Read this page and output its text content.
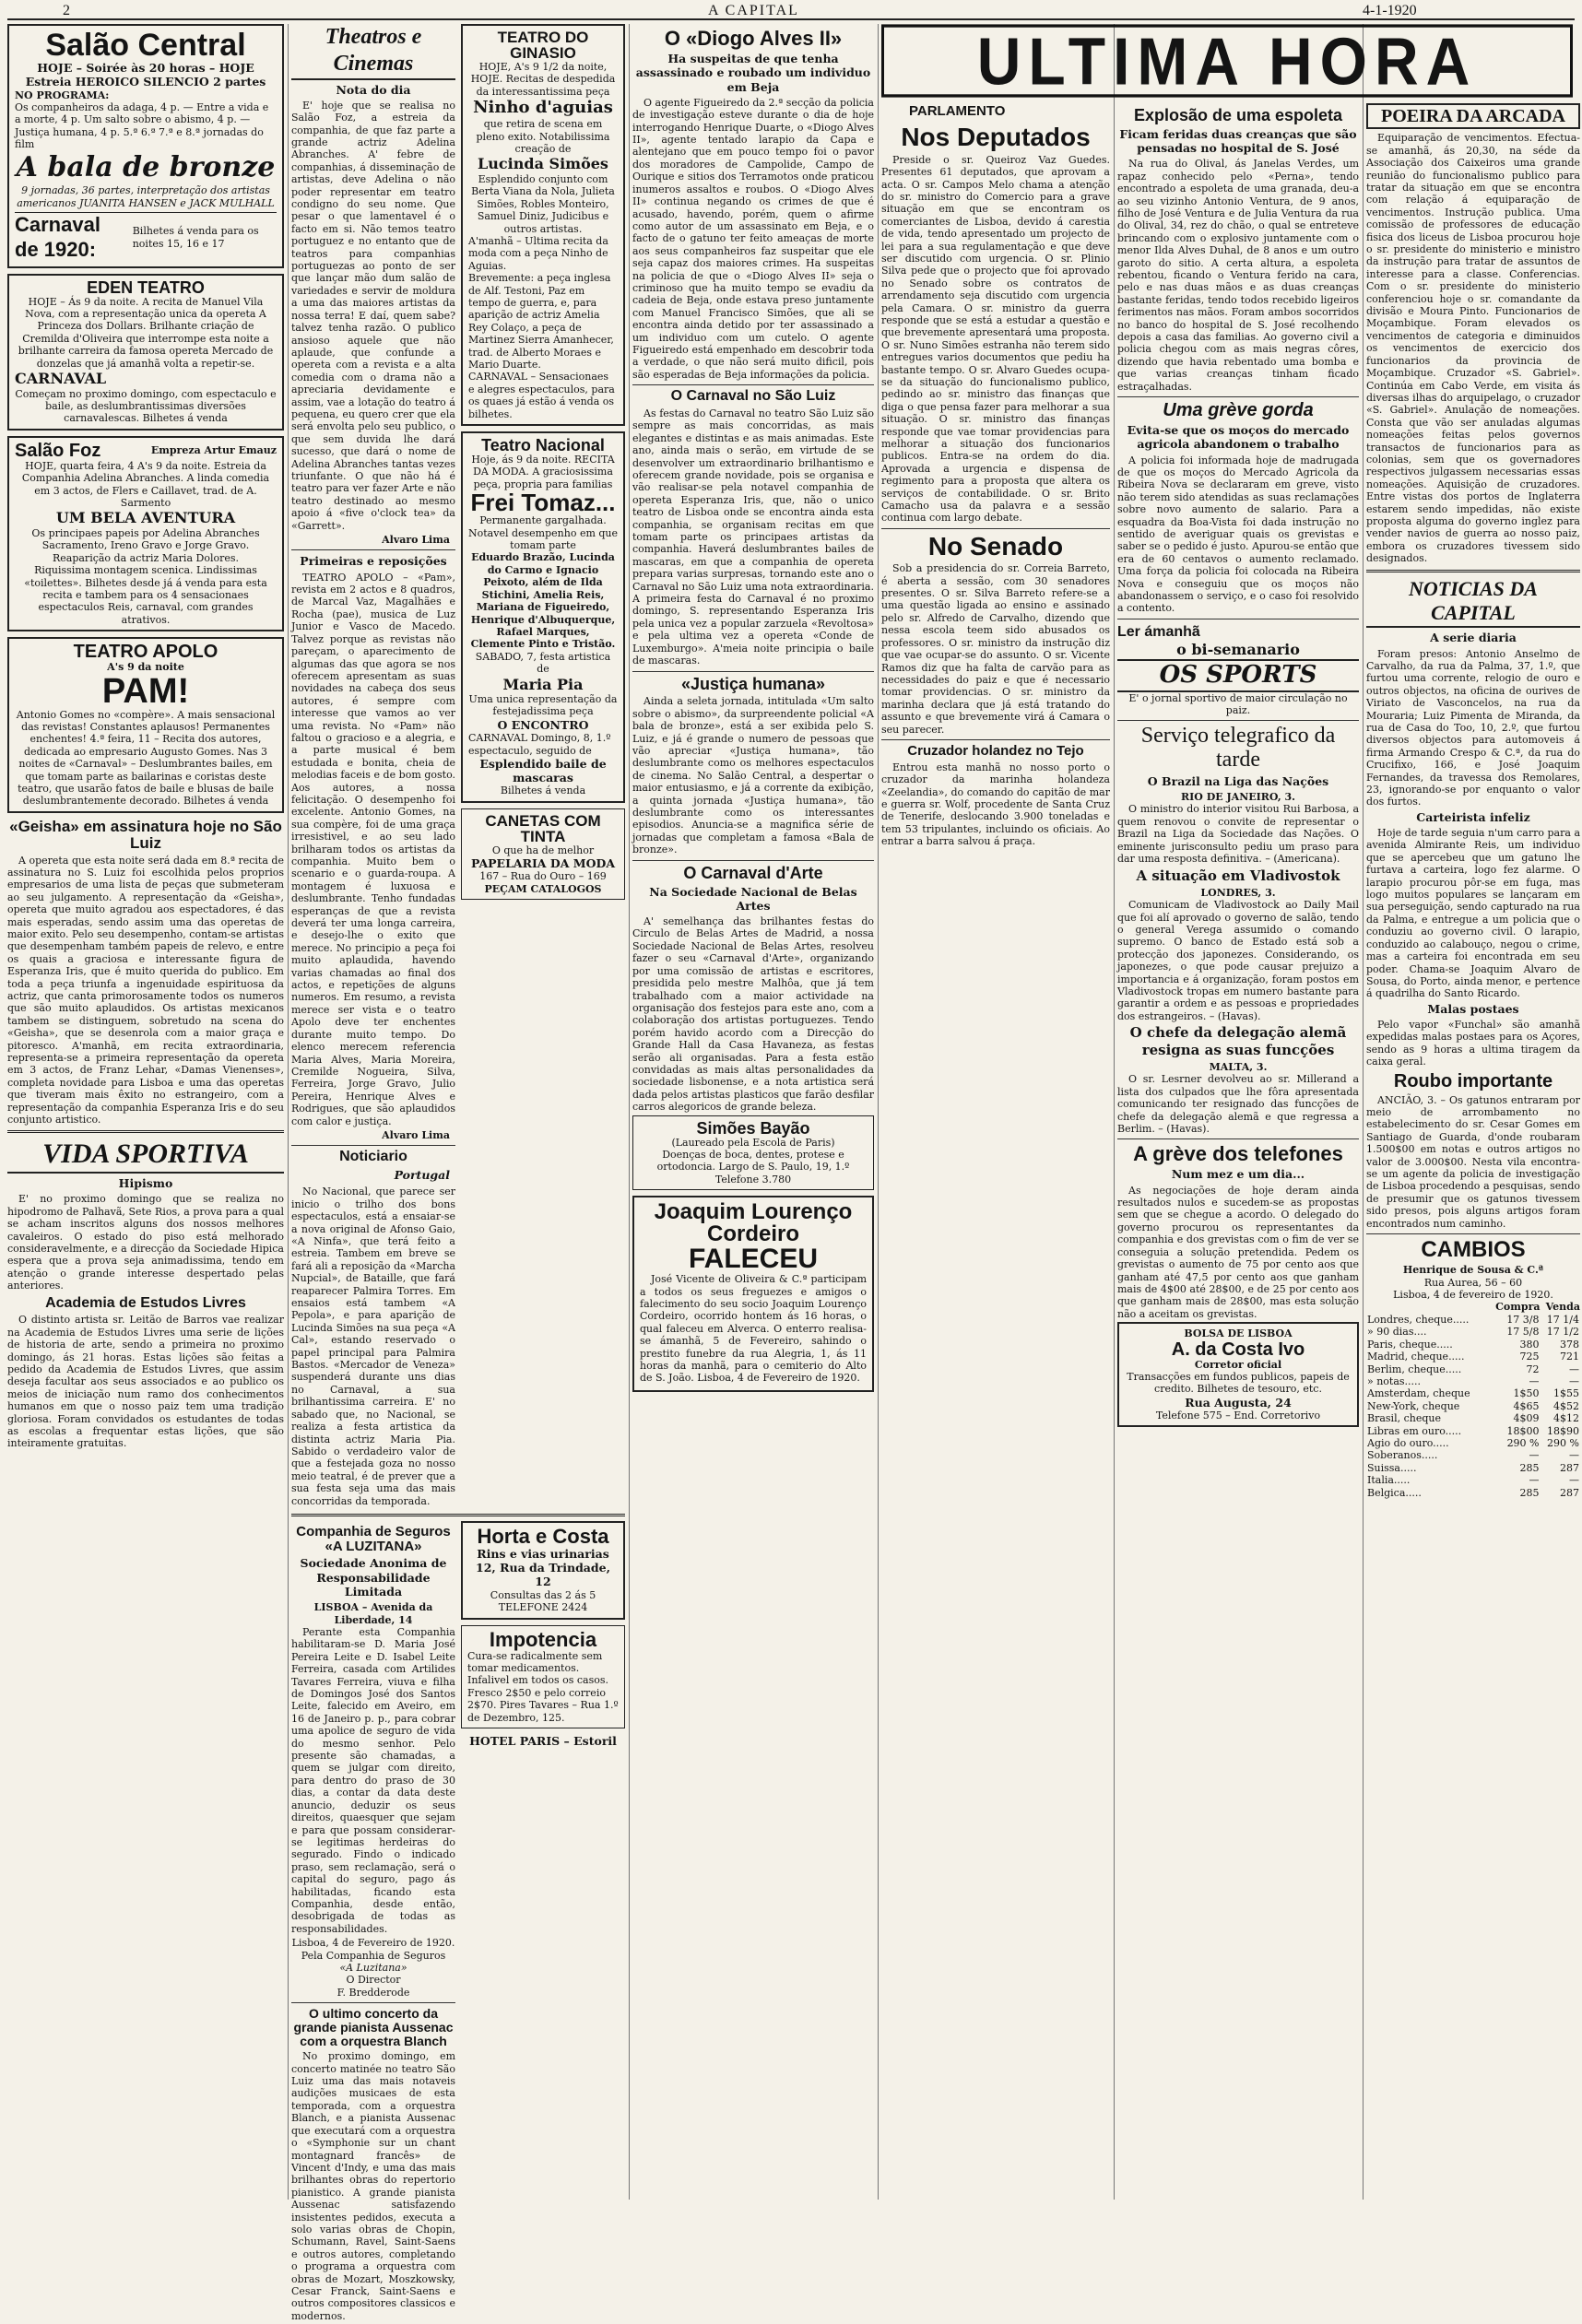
2	A CAPITAL	4-1-1920
Salão Central
HOJE – Soirée às 20 horas – HOJE
Estreia HEROICO SILENCIO 2 partes
NO PROGRAMA:
Os companheiros da adaga, 4 p. — Entre a vida e a morte, 4 p. Um salto sobre o abismo, 4 p. — Justiça humana, 4 p. 5.ª 6.ª 7.ª e 8.ª jornadas do film
A bala de bronze
9 jornadas, 36 partes, interpretação dos artistas americanos JUANITA HANSEN e JACK MULHALL
Carnaval de 1920:
Bilhetes á venda para os noites 15, 16 e 17
EDEN TEATRO
HOJE – Ás 9 da noite. A recita de Manuel Vila Nova, com a representação unica da opereta A Princeza dos Dollars. Brilhante criação de Cremilda d'Oliveira que interrompe esta noite a brilhante carreira da famosa opereta Mercado de donzelas que já amanhã volta a repetir-se.
CARNAVAL
Começam no proximo domingo, com espectaculo e baile, as deslumbrantissimas diversões carnavalescas. Bilhetes á venda
Salão Foz	Empreza Artur Emauz
HOJE, quarta feira, 4 A's 9 da noite. Estreia da Companhia Adelina Abranches. A linda comedia em 3 actos, de Flers e Caillavet, trad. de A. Sarmento
UM BELA AVENTURA
Os principaes papeis por Adelina Abranches Sacramento, Ireno Gravo e Jorge Gravo. Reaparição da actriz Maria Dolores.
Riquissima montagem scenica. Lindissimas «toilettes». Bilhetes desde já á venda para esta recita e tambem para os 4 sensacionaes espectaculos Reis, carnaval, com grandes atrativos.
TEATRO APOLO
A's 9 da noite
PAM!
Antonio Gomes no «compère». A mais sensacional das revistas! Constantes aplausos! Permanentes enchentes! 4.ª feira, 11 – Recita dos autores, dedicada ao empresario Augusto Gomes. Nas 3 noites de «Carnaval» – Deslumbrantes bailes, em que tomam parte as bailarinas e coristas deste teatro, que usarão fatos de baile e blusas de baile deslumbrantemente decorado. Bilhetes á venda
«Geisha» em assinatura hoje no São Luiz
A opereta que esta noite será dada em 8.ª recita de assinatura no S. Luiz foi escolhida pelos proprios empresarios de uma lista de peças que submeteram ao seu julgamento. A representação da «Geisha», opereta que muito agradou aos espectadores, é das mais esperadas, sendo assim uma das operetas de maior exito. Pelo seu desempenho, contam-se artistas que desempenham também papeis de relevo, e entre os quais a graciosa e interessante figura de Esperanza Iris, que é muito querida do publico. Em toda a peça triunfa a ingenuidade espirituosa da actriz, que canta primorosamente todos os numeros que são muito aplaudidos. Os artistas mexicanos tambem se distinguem, sobretudo na scena do «Geisha», que se desenrola com a maior graça e pitoresco. A'manhã, em recita extraordinaria, representa-se a primeira representação da opereta em 3 actos, de Franz Lehar, «Damas Vienenses», completa novidade para Lisboa e uma das operetas que tiveram mais êxito no estrangeiro, com a representação da companhia Esperanza Iris e do seu conjunto artistico.
VIDA SPORTIVA
Hipismo
E' no proximo domingo que se realiza no hipodromo de Palhavã, Sete Rios, a prova para a qual se acham inscritos alguns dos nossos melhores cavaleiros. O estado do piso está melhorado consideravelmente, e a direcção da Sociedade Hipica espera que a prova seja animadissima, tendo em atenção o grande interesse despertado pelas anteriores.
Academia de Estudos Livres
O distinto artista sr. Leitão de Barros vae realizar na Academia de Estudos Livres uma serie de lições de historia de arte, sendo a primeira no proximo domingo, ás 21 horas. Estas lições são feitas a pedido da Academia de Estudos Livres, que assim deseja facultar aos seus associados e ao publico os meios de iniciação num ramo dos conhecimentos humanos em que o nosso paiz tem uma tradição gloriosa. Foram convidados os estudantes de todas as escolas a frequentar estas lições, que são inteiramente gratuitas.
Theatros e Cinemas
Nota do dia
E' hoje que se realisa no Salão Foz, a estreia da companhia, de que faz parte a grande actriz Adelina Abranches. A' febre de companhias, á disseminação de artistas, deve Adelina o não poder representar em teatro condigno do seu nome. Que pesar o que lamentavel é o facto em si. Não temos teatro portuguez e no entanto que de teatros para companhias portuguezas ao ponto de ser que lançar mão dum salão de variedades e servir de moldura a uma das maiores artistas da nossa terra! E daí, quem sabe? talvez tenha razão. O publico ansioso aquele que não aplaude, que confunde a opereta com a revista e a alta comedia com o drama não a apreciaria devidamente e assim, vae a lotação do teatro á pequena, eu quero crer que ela será envolta pelo seu publico, o que sem duvida lhe dará sucesso, que dará o nome de Adelina Abranches tantas vezes triunfante. O que não há é teatro para ver fazer Arte e não teatro destinado ao mesmo apoio á «five o'clock tea» da «Garrett».
Alvaro Lima
Primeiras e reposições
TEATRO APOLO – «Pam», revista em 2 actos e 8 quadros, de Marcal Vaz, Magalhães e Rocha (pae), musica de Luz Junior e Vasco de Macedo. Talvez porque as revistas não pareçam, o aparecimento de algumas das que agora se nos oferecem apresentam as suas novidades na cabeça dos seus autores, é sempre com interesse que vamos ao ver uma revista. No «Pam» não faltou o gracioso e a alegria, e a parte musical é bem estudada e bonita, cheia de melodias faceis e de bom gosto. Aos autores, a nossa felicitação. O desempenho foi excelente. Antonio Gomes, na sua compère, foi de uma graça irresistivel, e ao seu lado brilharam todos os artistas da companhia. Muito bem o scenario e o guarda-roupa. A montagem é luxuosa e deslumbrante. Tenho fundadas esperanças de que a revista deverá ter uma longa carreira, e desejo-lhe o exito que merece. No principio a peça foi muito aplaudida, havendo varias chamadas ao final dos actos, e repetições de alguns numeros. Em resumo, a revista merece ser vista e o teatro Apolo deve ter enchentes durante muito tempo. Do elenco merecem referencia Maria Alves, Maria Moreira, Cremilde Nogueira, Silva, Ferreira, Jorge Gravo, Julio Pereira, Henrique Alves e Rodrigues, que são aplaudidos com calor e justiça.
Alvaro Lima
Noticiario
Portugal
No Nacional, que parece ser inicio o trilho dos bons espectaculos, está a ensaiar-se a nova original de Afonso Gaio, «A Ninfa», que terá feito a estreia. Tambem em breve se fará ali a reposição da «Marcha Nupcial», de Bataille, que fará reaparecer Palmira Torres. Em ensaios está tambem «A Pepola», e para aparição de Lucinda Simões na sua peça «A Cal», estando reservado o papel principal para Palmira Bastos. «Mercador de Veneza» suspenderá durante uns dias no Carnaval, a sua brilhantissima carreira. E' no sabado que, no Nacional, se realiza a festa artistica da distinta actriz Maria Pia. Sabido o verdadeiro valor de que a festejada goza no nosso meio teatral, é de prever que a sua festa seja uma das mais concorridas da temporada.
TEATRO DO GINASIO
HOJE, A's 9 1/2 da noite, HOJE. Recitas de despedida da interessantissima peça
Ninho d'aguias
que retira de scena em pleno exito. Notabilissima creação de
Lucinda Simões
Esplendido conjunto com Berta Viana da Nola, Julieta Simões, Robles Monteiro, Samuel Diniz, Judicibus e outros artistas.
A'manhã – Ultima recita da moda com a peça Ninho de Aguias.
Brevemente: a peça inglesa de Alf. Testoni, Paz em tempo de guerra, e, para aparição de actriz Amelia Rey Colaço, a peça de Martinez Sierra Amanhecer, trad. de Alberto Moraes e Mario Duarte.
CARNAVAL – Sensacionaes e alegres espectaculos, para os quaes já estão á venda os bilhetes.
Teatro Nacional
Hoje, ás 9 da noite. RECITA DA MODA. A graciosissima peça, propria para familias
Frei Tomaz...
Permanente gargalhada. Notavel desempenho em que tomam parte
Eduardo Brazão, Lucinda do Carmo e Ignacio Peixoto, além de Ilda Stichini, Amelia Reis, Mariana de Figueiredo, Henrique d'Albuquerque, Rafael Marques, Clemente Pinto e Tristão.
SABADO, 7, festa artistica de
Maria Pia
Uma unica representação da festejadissima peça
O ENCONTRO
CARNAVAL Domingo, 8, 1.º espectaculo, seguido de
Esplendido baile de mascaras
Bilhetes á venda
CANETAS COM TINTA
O que ha de melhor
PAPELARIA DA MODA
167 – Rua do Ouro – 169
PEÇAM CATALOGOS
Companhia de Seguros «A LUZITANA»
Sociedade Anonima de Responsabilidade Limitada
LISBOA – Avenida da Liberdade, 14
Perante esta Companhia habilitaram-se D. Maria José Pereira Leite e D. Isabel Leite Ferreira, casada com Artilides Tavares Ferreira, viuva e filha de Domingos José dos Santos Leite, falecido em Aveiro, em 16 de Janeiro p. p., para cobrar uma apolice de seguro de vida do mesmo senhor. Pelo presente são chamadas, a quem se julgar com direito, para dentro do praso de 30 dias, a contar da data deste anuncio, deduzir os seus direitos, quaesquer que sejam e para que possam considerar-se legitimas herdeiras do segurado. Findo o indicado praso, sem reclamação, será o capital do seguro, pago ás habilitadas, ficando esta Companhia, desde então, desobrigada de todas as responsabilidades.
Lisboa, 4 de Fevereiro de 1920.
Pela Companhia de Seguros
«A Luzitana»
O Director
F. Bredderode
O ultimo concerto da grande pianista Aussenac com a orquestra Blanch
No proximo domingo, em concerto matinée no teatro São Luiz uma das mais notaveis audições musicaes de esta temporada, com a orquestra Blanch, e a pianista Aussenac que executará com a orquestra o «Symphonie sur un chant montagnard francês» de Vincent d'Indy, e uma das mais brilhantes obras do repertorio pianistico. A grande pianista Aussenac satisfazendo insistentes pedidos, executa a solo varias obras de Chopin, Schumann, Ravel, Saint-Saens e outros autores, completando o programa a orquestra com obras de Mozart, Moszkowsky, Cesar Franck, Saint-Saens e outros compositores classicos e modernos.
Horta e Costa
Rins e vias urinarias
12, Rua da Trindade, 12
Consultas das 2 ás 5
TELEFONE 2424
Impotencia
Cura-se radicalmente sem tomar medicamentos. Infalivel em todos os casos. Fresco 2$50 e pelo correio 2$70. Pires Tavares – Rua 1.º de Dezembro, 125.
HOTEL PARIS – Estoril
O «Diogo Alves II»
Ha suspeitas de que tenha assassinado e roubado um individuo em Beja
O agente Figueiredo da 2.ª secção da policia de investigação esteve durante o dia de hoje interrogando Henrique Duarte, o «Diogo Alves II», agente tentado larapio da Capa e alentejano que em pouco tempo foi o pavor dos moradores de Campolide, Campo de Ourique e sitios dos Terramotos onde praticou inumeros assaltos e roubos. O «Diogo Alves II» continua negando os crimes de que é acusado, havendo, porém, quem o afirme como autor de um assassinato em Beja, e o facto de o gatuno ter feito ameaças de morte aos seus companheiros faz suspeitar que ele seja capaz dos maiores crimes. Ha suspeitas na policia de que o «Diogo Alves II» seja o criminoso que ha muito tempo se evadiu da cadeia de Beja, onde estava preso juntamente com Manuel Francisco Simões, que ali se encontra ainda detido por ter assassinado a um individuo com um cutelo. O agente Figueiredo está empenhado em descobrir toda a verdade, o que não será muito dificil, pois são esperadas de Beja informações da policia.
O Carnaval no São Luiz
As festas do Carnaval no teatro São Luiz são sempre as mais concorridas, as mais elegantes e distintas e as mais animadas. Este ano, ainda mais o serão, em virtude de se desenvolver um extraordinario brilhantismo e oferecem grande novidade, pois se organisa e vão realisar-se pela notavel companhia de opereta Esperanza Iris, que, não o unico teatro de Lisboa onde se encontra ainda esta companhia, se organisam recitas em que tomam parte os principaes artistas da companhia. Haverá deslumbrantes bailes de mascaras, em que a companhia de opereta prepara varias surpresas, tornando este ano o Carnaval no São Luiz uma nota extraordinaria. A primeira festa do Carnaval é no proximo domingo, S. representando Esperanza Iris pela unica vez a popular zarzuela «Revoltosa» e pela ultima vez a opereta «Conde de Luxemburgo». A'meia noite principia o baile de mascaras.
«Justiça humana»
Ainda a seleta jornada, intitulada «Um salto sobre o abismo», da surpreendente policial «A bala de bronze», está a ser exibida pelo S. Luiz, e já é grande o numero de pessoas que vão apreciar «Justiça humana», tão deslumbrante como os melhores espectaculos de cinema. No Salão Central, a despertar o maior entusiasmo, e já a corrente da exibição, a quinta jornada «Justiça humana», tão deslumbrante como os interessantes episodios. Anuncia-se a magnifica série de jornadas que completam a famosa «Bala de bronze».
O Carnaval d'Arte
Na Sociedade Nacional de Belas Artes
A' semelhança das brilhantes festas do Circulo de Belas Artes de Madrid, a nossa Sociedade Nacional de Belas Artes, resolveu fazer o seu «Carnaval d'Arte», organizando por uma comissão de artistas e escritores, presidida pelo mestre Malhôa, que já tem trabalhado com a maior actividade na organisação dos festejos para este ano, com a colaboração dos artistas portuguezes. Tendo porém havido acordo com a Direcção do Grande Hall da Casa Havaneza, as festas serão ali organisadas. Para a festa estão convidadas as mais altas personalidades da sociedade lisbonense, e a nota artistica será dada pelos artistas plasticos que farão desfilar carros alegoricos de grande beleza.
Simões Bayão
(Laureado pela Escola de Paris)
Doenças de boca, dentes, protese e ortodoncia. Largo de S. Paulo, 19, 1.º Telefone 3.780
Joaquim Lourenço
Cordeiro
FALECEU
José Vicente de Oliveira & C.ª participam a todos os seus freguezes e amigos o falecimento do seu socio Joaquim Lourenço Cordeiro, ocorrido hontem ás 16 horas, o qual faleceu em Alverca. O enterro realisa-se ámanhã, 5 de Fevereiro, sahindo o prestito funebre da rua Alegria, 1, ás 11 horas da manhã, para o cemiterio do Alto de S. João. Lisboa, 4 de Fevereiro de 1920.
ULTIMA HORA
PARLAMENTO
Nos Deputados
Preside o sr. Queiroz Vaz Guedes. Presentes 61 deputados, que aprovam a acta. O sr. Campos Melo chama a atenção do sr. ministro do Comercio para a grave situação em que se encontram os comerciantes de Lisboa, devido á carestia de vida, tendo apresentado um projecto de lei para a sua regulamentação e que deve ser discutido com urgencia. O sr. Plinio Silva pede que o projecto que foi aprovado no Senado sobre os contratos de arrendamento seja discutido com urgencia pela Camara. O sr. ministro da guerra responde que se está a estudar a questão e que brevemente apresentará uma proposta. O sr. Nuno Simões estranha não terem sido entregues varios documentos que pediu ha bastante tempo. O sr. Alvaro Guedes ocupa-se da situação do funcionalismo publico, pedindo ao sr. ministro das finanças que diga o que pensa fazer para melhorar a sua situação. O sr. ministro das finanças responde que vae tomar providencias para melhorar a situação dos funcionarios publicos. Entra-se na ordem do dia. Aprovada a urgencia e dispensa de regimento para a proposta que altera os serviços de contabilidade. O sr. Brito Camacho usa da palavra e a sessão continua com largo debate.
No Senado
Sob a presidencia do sr. Correia Barreto, é aberta a sessão, com 30 senadores presentes. O sr. Silva Barreto refere-se a uma questão ligada ao ensino e assinado pelo sr. Alfredo de Carvalho, dizendo que nessa escola teem sido abusados os professores. O sr. ministro da instrução diz que vae ocupar-se do assunto. O sr. Vicente Ramos diz que ha falta de carvão para as necessidades do paiz e que é necessario tomar providencias. O sr. ministro da marinha declara que já está tratando do assunto e que brevemente virá á Camara o seu parecer.
Cruzador holandez no Tejo
Entrou esta manhã no nosso porto o cruzador da marinha holandeza «Zeelandia», do comando do capitão de mar e guerra sr. Wolf, procedente de Santa Cruz de Tenerife, deslocando 3.900 toneladas e tem 53 tripulantes, incluindo os oficiais. Ao entrar a barra salvou á praça.
Explosão de uma espoleta
Ficam feridas duas creanças que são pensadas no hospital de S. José
Na rua do Olival, ás Janelas Verdes, um rapaz conhecido pelo «Perna», tendo encontrado a espoleta de uma granada, deu-a ao seu vizinho Antonio Ventura, de 9 anos, filho de José Ventura e de Julia Ventura da rua do Olival, 34, rez do chão, o qual se entreteve brincando com o explosivo juntamente com o menor Ilda Alves Duhal, de 8 anos e um outro garoto do sitio. A certa altura, a espoleta rebentou, ficando o Ventura ferido na cara, pelo e nas duas mãos e as duas creanças bastante feridas, tendo todos recebido ligeiros ferimentos nas mãos. Foram ambos socorridos no banco do hospital de S. José recolhendo depois a casa das familias. Ao governo civil a policia chegou com as mais negras côres, dizendo que havia rebentado uma bomba e que varias creanças tinham ficado estraçalhadas.
Uma grève gorda
Evita-se que os moços do mercado agricola abandonem o trabalho
A policia foi informada hoje de madrugada de que os moços do Mercado Agricola da Ribeira Nova se declararam em greve, visto não terem sido atendidas as suas reclamações sobre novo aumento de salario. Para a esquadra da Boa-Vista foi dada instrução no sentido de averiguar quais os grevistas e saber se o pedido é justo. Apurou-se então que era de 60 centavos o aumento reclamado. Uma força da policia foi colocada na Ribeira Nova e conseguiu que os moços não abandonassem o serviço, e o caso foi resolvido a contento.
Ler ámanhã
o bi-semanario
OS SPORTS
E' o jornal sportivo de maior circulação no paiz.
Serviço telegrafico da tarde
O Brazil na Liga das Nações
RIO DE JANEIRO, 3.
O ministro do interior visitou Rui Barbosa, a quem renovou o convite de representar o Brazil na Liga da Sociedade das Nações. O eminente jurisconsulto pediu um praso para dar uma resposta definitiva. – (Americana).
A situação em Vladivostok
LONDRES, 3.
Comunicam de Vladivostock ao Daily Mail que foi alí aprovado o governo de salão, tendo o general Verega assumido o comando supremo. O banco de Estado está sob a protecção dos japonezes. Considerando, os japonezes, o que pode causar prejuizo a importancia e á organização, foram postos em Vladivostock tropas em numero bastante para garantir a ordem e as pessoas e propriedades dos estrangeiros. – (Havas).
O chefe da delegação alemã resigna as suas funcções
MALTA, 3.
O sr. Lesrner devolveu ao sr. Millerand a lista dos culpados que lhe fôra apresentada comunicando ter resignado das funcções de chefe da delegação alemã e que regressa a Berlim. – (Havas).
A grève dos telefones
Num mez e um dia...
As negociações de hoje deram ainda resultados nulos e sucedem-se as propostas sem que se chegue a acordo. O delegado do governo procurou os representantes da companhia e dos grevistas com o fim de ver se conseguia a solução pretendida. Pedem os grevistas o aumento de 75 por cento aos que ganham até 47,5 por cento aos que ganham mais de 4$00 até 28$00, e de 25 por cento aos que ganham mais de 28$00, mas esta solução não a aceitam os grevistas.
BOLSA DE LISBOA
A. da Costa Ivo
Corretor oficial
Transacções em fundos publicos, papeis de credito. Bilhetes de tesouro, etc.
Rua Augusta, 24
Telefone 575 – End. Corretorivo
POEIRA DA ARCADA
Equiparação de vencimentos. Efectua-se amanhã, ás 20,30, na séde da Associação dos Caixeiros uma grande reunião do funcionalismo publico para tratar da situação em que se encontra com relação á equiparação de vencimentos. Instrução publica. Uma comissão de professores de educação fisica dos liceus de Lisboa procurou hoje o sr. presidente do ministerio e ministro da instrução para tratar de assuntos de interesse para a classe. Conferencias. Com o sr. presidente do ministerio conferenciou hoje o sr. comandante da divisão e Moura Pinto. Funcionarios de Moçambique. Foram elevados os vencimentos de categoria e diminuidos os vencimentos de exercicio dos funcionarios da provincia de Moçambique. Cruzador «S. Gabriel». Continúa em Cabo Verde, em visita ás diversas ilhas do arquipelago, o cruzador «S. Gabriel». Anulação de nomeações. Consta que vão ser anuladas algumas nomeações feitas pelos governos transactos de funcionarios para as colonias, sem que os governadores respectivos julgassem necessarias essas nomeações. Aquisição de cruzadores. Entre vistas dos portos de Inglaterra estarem sendo impedidas, não existe proposta alguma do governo inglez para vender navios de guerra ao nosso paiz, embora os cruzadores tivessem sido designados.
NOTICIAS DA CAPITAL
A serie diaria
Foram presos: Antonio Anselmo de Carvalho, da rua da Palma, 37, 1.º, que furtou uma corrente, relogio de ouro e outros objectos, na oficina de ourives de Viriato de Vasconcelos, na rua da Mouraria; Luiz Pimenta de Miranda, da rua de Casa do Too, 10, 2.º, que furtou diversos objectos para automoveis á firma Armando Crespo & C.ª, da rua do Crucifixo, 166, e José Joaquim Fernandes, da travessa dos Remolares, 23, ignorando-se por enquanto o valor dos furtos.
Carteirista infeliz
Hoje de tarde seguia n'um carro para a avenida Almirante Reis, um individuo que se apercebeu que um gatuno lhe furtava a carteira, logo fez alarme. O larapio procurou pôr-se em fuga, mas logo muitos populares se lançaram em sua perseguição, sendo capturado na rua da Palma, e entregue a um policia que o conduziu ao governo civil. O larapio, conduzido ao calabouço, negou o crime, mas a carteira foi encontrada em seu poder. Chama-se Joaquim Alvaro de Sousa, do Porto, ainda menor, e pertence á quadrilha do Santo Ricardo.
Malas postaes
Pelo vapor «Funchal» são amanhã expedidas malas postaes para os Açores, sendo as 9 horas a ultima tiragem da caixa geral.
Roubo importante
ANCIÃO, 3. – Os gatunos entraram por meio de arrombamento no estabelecimento do sr. Cesar Gomes em Santiago de Guarda, d'onde roubaram 1.500$00 em notas e outros artigos no valor de 3.000$00. Nesta vila encontra-se um agente da policia de investigação de Lisboa procedendo a pesquisas, sendo de presumir que os gatunos tivessem sido presos, pois alguns artigos foram encontrados num caminho.
CAMBIOS
Henrique de Sousa & C.ª
Rua Aurea, 56 – 60
Lisboa, 4 de fevereiro de 1920.
	Compra	Venda
Londres, cheque.....	17 3/8	17 1/4
» 90 dias....	17 5/8	17 1/2
Paris, cheque.....	380	378
Madrid, cheque.....	725	721
Berlim, cheque.....	72	—
» notas.....	—	—
Amsterdam, cheque	1$50	1$55
New-York, cheque	4$65	4$52
Brasil, cheque	4$09	4$12
Libras em ouro.....	18$00	18$90
Agio do ouro.....	290 %	290 %
Soberanos.....	—	—
Suissa.....	285	287
Italia.....	—	—
Belgica.....	285	287
